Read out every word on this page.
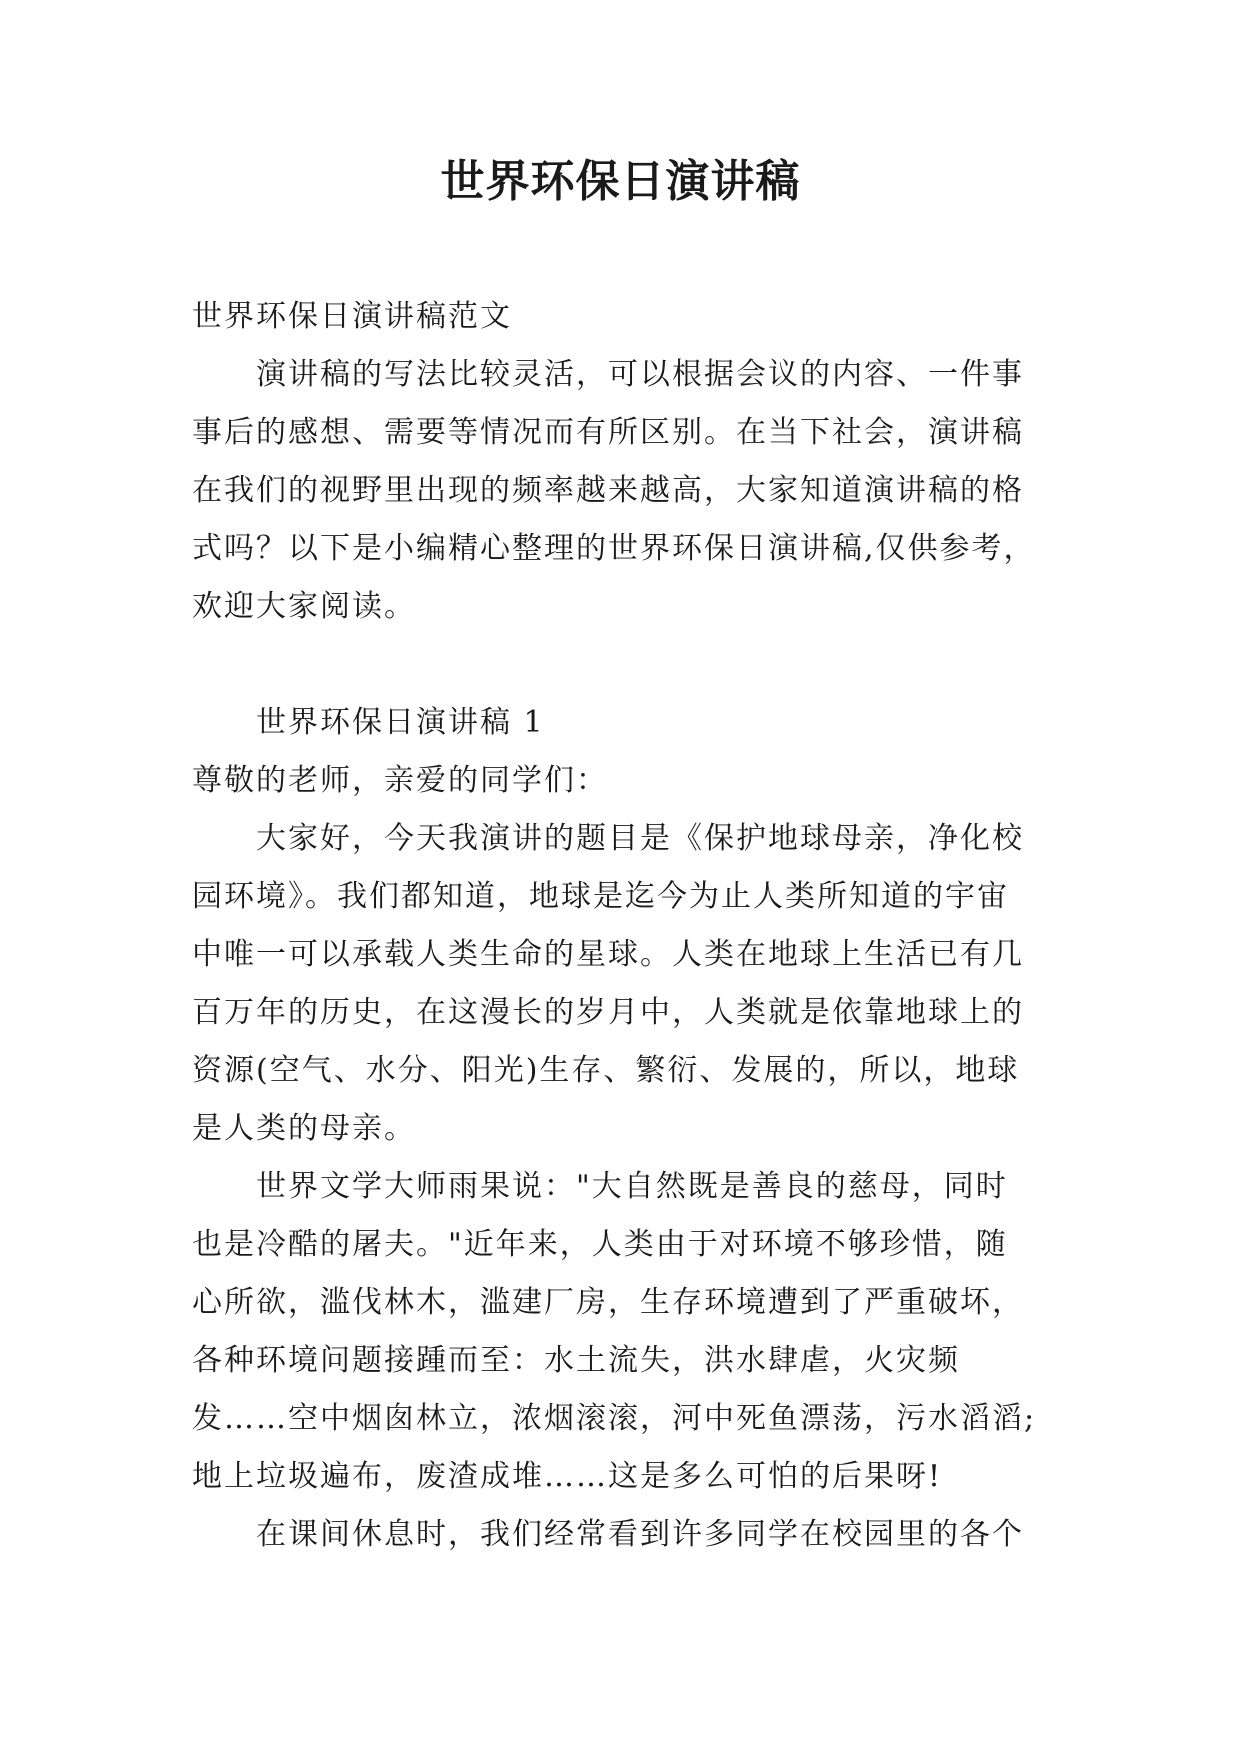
世界环保日演讲稿
世界环保日演讲稿范文
演讲稿的写法比较灵活，可以根据会议的内容、一件事
事后的感想、需要等情况而有所区别。在当下社会，演讲稿
在我们的视野里出现的频率越来越高，大家知道演讲稿的格
式吗？以下是小编精心整理的世界环保日演讲稿,仅供参考，
欢迎大家阅读。
世界环保日演讲稿 1
尊敬的老师，亲爱的同学们：
大家好，今天我演讲的题目是《保护地球母亲，净化校
园环境》。我们都知道，地球是迄今为止人类所知道的宇宙
中唯一可以承载人类生命的星球。人类在地球上生活已有几
百万年的历史，在这漫长的岁月中，人类就是依靠地球上的
资源(空气、水分、阳光)生存、繁衍、发展的，所以，地球
是人类的母亲。
世界文学大师雨果说："大自然既是善良的慈母，同时
也是冷酷的屠夫。"近年来，人类由于对环境不够珍惜，随
心所欲，滥伐林木，滥建厂房，生存环境遭到了严重破坏，
各种环境问题接踵而至：水土流失，洪水肆虐，火灾频
发……空中烟囱林立，浓烟滚滚，河中死鱼漂荡，污水滔滔;
地上垃圾遍布，废渣成堆……这是多么可怕的后果呀!
在课间休息时，我们经常看到许多同学在校园里的各个
